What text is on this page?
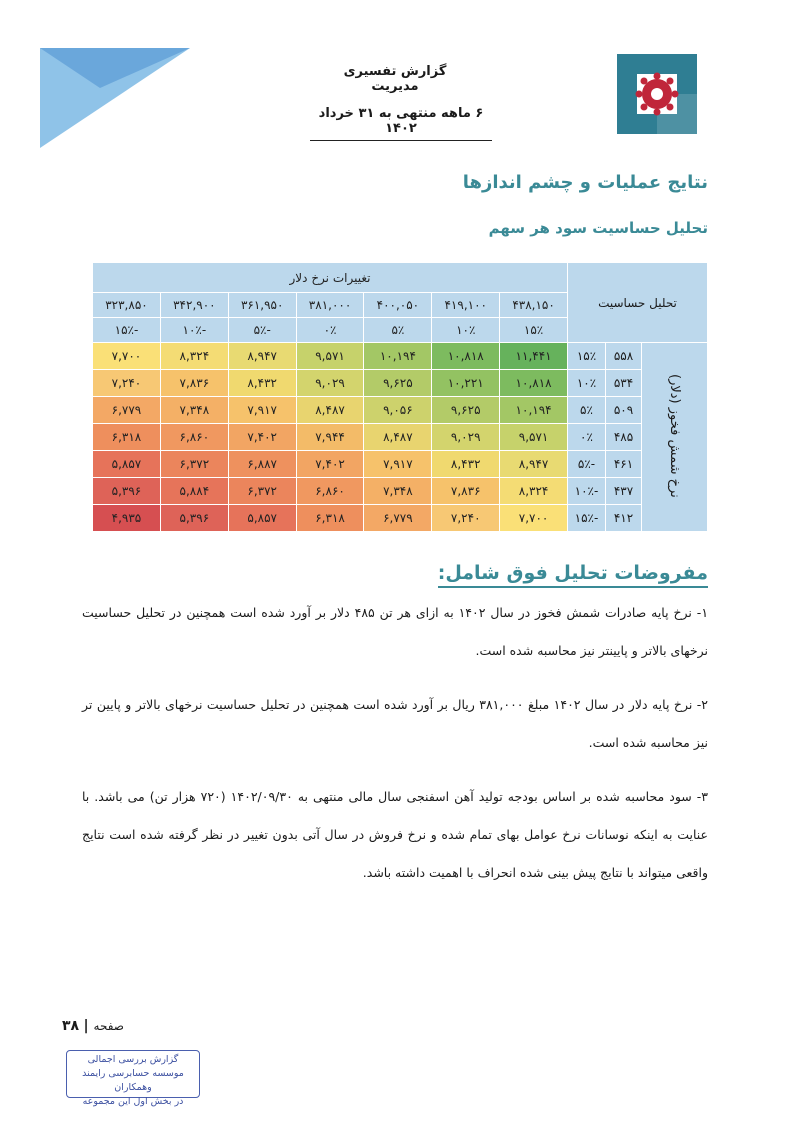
گزارش تفسیری مدیریت
۶ ماهه منتهی به ۳۱ خرداد ۱۴۰۲
نتایج عملیات و چشم اندازها
تحلیل حساسیت سود هر سهم
تحلیل حساسیت			تغییرات نرخ دلار						
			۴۳۸,۱۵۰	۴۱۹,۱۰۰	۴۰۰,۰۵۰	۳۸۱,۰۰۰	۳۶۱,۹۵۰	۳۴۲,۹۰۰	۳۲۳,۸۵۰
			۱۵٪	۱۰٪	۵٪	۰٪	-۵٪	-۱۰٪	-۱۵٪
نرخ شمش فخوز (دلار)	۵۵۸	۱۵٪	۱۱,۴۴۱	۱۰,۸۱۸	۱۰,۱۹۴	۹,۵۷۱	۸,۹۴۷	۸,۳۲۴	۷,۷۰۰
	۵۳۴	۱۰٪	۱۰,۸۱۸	۱۰,۲۲۱	۹,۶۲۵	۹,۰۲۹	۸,۴۳۲	۷,۸۳۶	۷,۲۴۰
	۵۰۹	۵٪	۱۰,۱۹۴	۹,۶۲۵	۹,۰۵۶	۸,۴۸۷	۷,۹۱۷	۷,۳۴۸	۶,۷۷۹
	۴۸۵	۰٪	۹,۵۷۱	۹,۰۲۹	۸,۴۸۷	۷,۹۴۴	۷,۴۰۲	۶,۸۶۰	۶,۳۱۸
	۴۶۱	-۵٪	۸,۹۴۷	۸,۴۳۲	۷,۹۱۷	۷,۴۰۲	۶,۸۸۷	۶,۳۷۲	۵,۸۵۷
	۴۳۷	-۱۰٪	۸,۳۲۴	۷,۸۳۶	۷,۳۴۸	۶,۸۶۰	۶,۳۷۲	۵,۸۸۴	۵,۳۹۶
	۴۱۲	-۱۵٪	۷,۷۰۰	۷,۲۴۰	۶,۷۷۹	۶,۳۱۸	۵,۸۵۷	۵,۳۹۶	۴,۹۳۵
مفروضات تحلیل فوق شامل:
۱- نرخ پایه صادرات شمش فخوز در سال ۱۴۰۲ به ازای هر تن ۴۸۵ دلار بر آورد شده است همچنین در تحلیل حساسیت نرخهای بالاتر و پایینتر نیز محاسبه شده است.
۲- نرخ پایه دلار در سال ۱۴۰۲ مبلغ ۳۸۱,۰۰۰ ریال بر آورد شده است همچنین در تحلیل حساسیت نرخهای بالاتر و پایین تر نیز محاسبه شده است.
۳- سود محاسبه شده بر اساس بودجه تولید آهن اسفنجی سال مالی منتهی به ۱۴۰۲/۰۹/۳۰ (۷۲۰ هزار تن) می باشد. با عنایت به اینکه نوسانات نرخ عوامل بهای تمام شده و نرخ فروش در سال آتی بدون تغییر در نظر گرفته شده است نتایج واقعی میتواند با نتایج پیش بینی شده انحراف با اهمیت داشته باشد.
۳۸ | صفحه
گزارش بررسی اجمالی
موسسه حسابرسی رایمند وهمکاران
در بخش اول این مجموعه
